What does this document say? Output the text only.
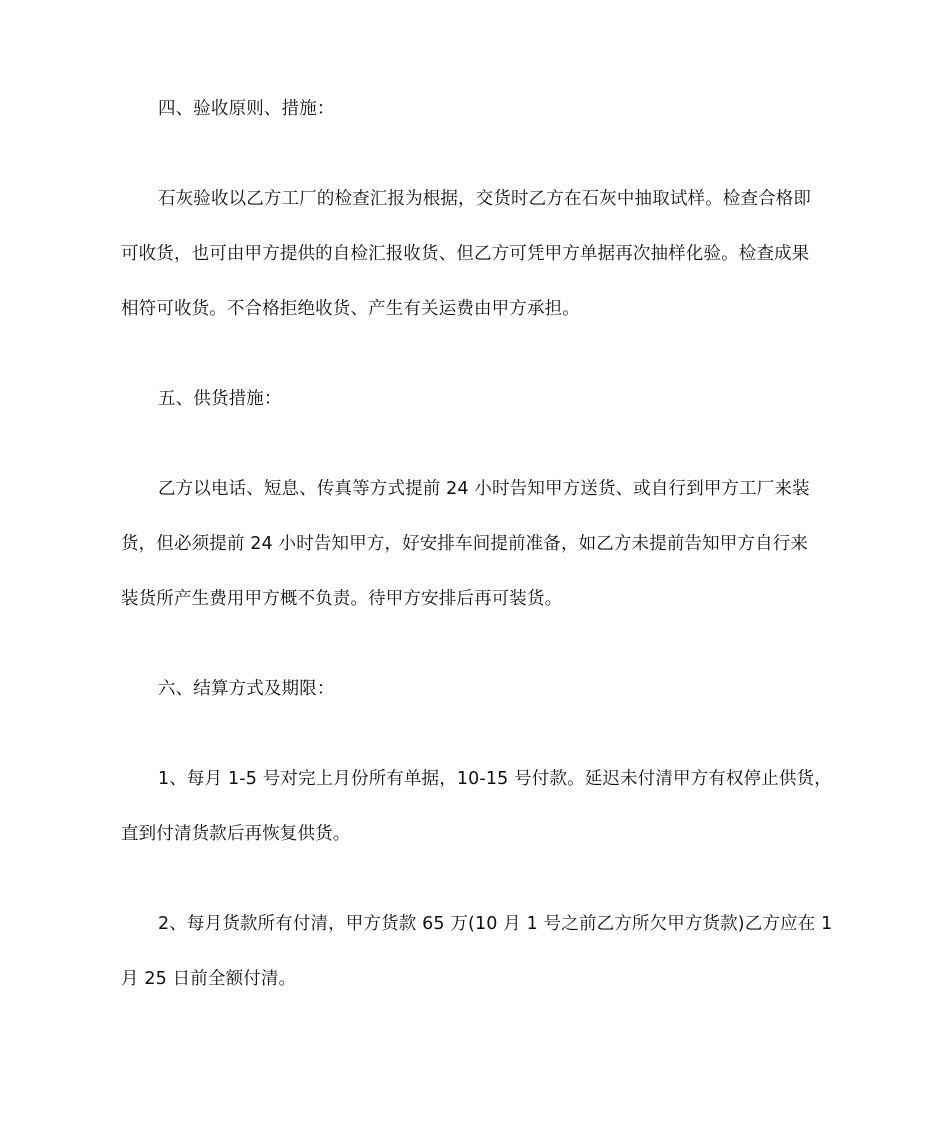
四、验收原则、措施：
石灰验收以乙方工厂的检查汇报为根据，交货时乙方在石灰中抽取试样。检查合格即
可收货，也可由甲方提供的自检汇报收货、但乙方可凭甲方单据再次抽样化验。检查成果
相符可收货。不合格拒绝收货、产生有关运费由甲方承担。
五、供货措施：
乙方以电话、短息、传真等方式提前 24 小时告知甲方送货、或自行到甲方工厂来装
货，但必须提前 24 小时告知甲方，好安排车间提前准备，如乙方未提前告知甲方自行来
装货所产生费用甲方概不负责。待甲方安排后再可装货。
六、结算方式及期限：
1、每月 1-5 号对完上月份所有单据，10-15 号付款。延迟未付清甲方有权停止供货，
直到付清货款后再恢复供货。
2、每月货款所有付清，甲方货款 65 万(10 月 1 号之前乙方所欠甲方货款)乙方应在 1
月 25 日前全额付清。
